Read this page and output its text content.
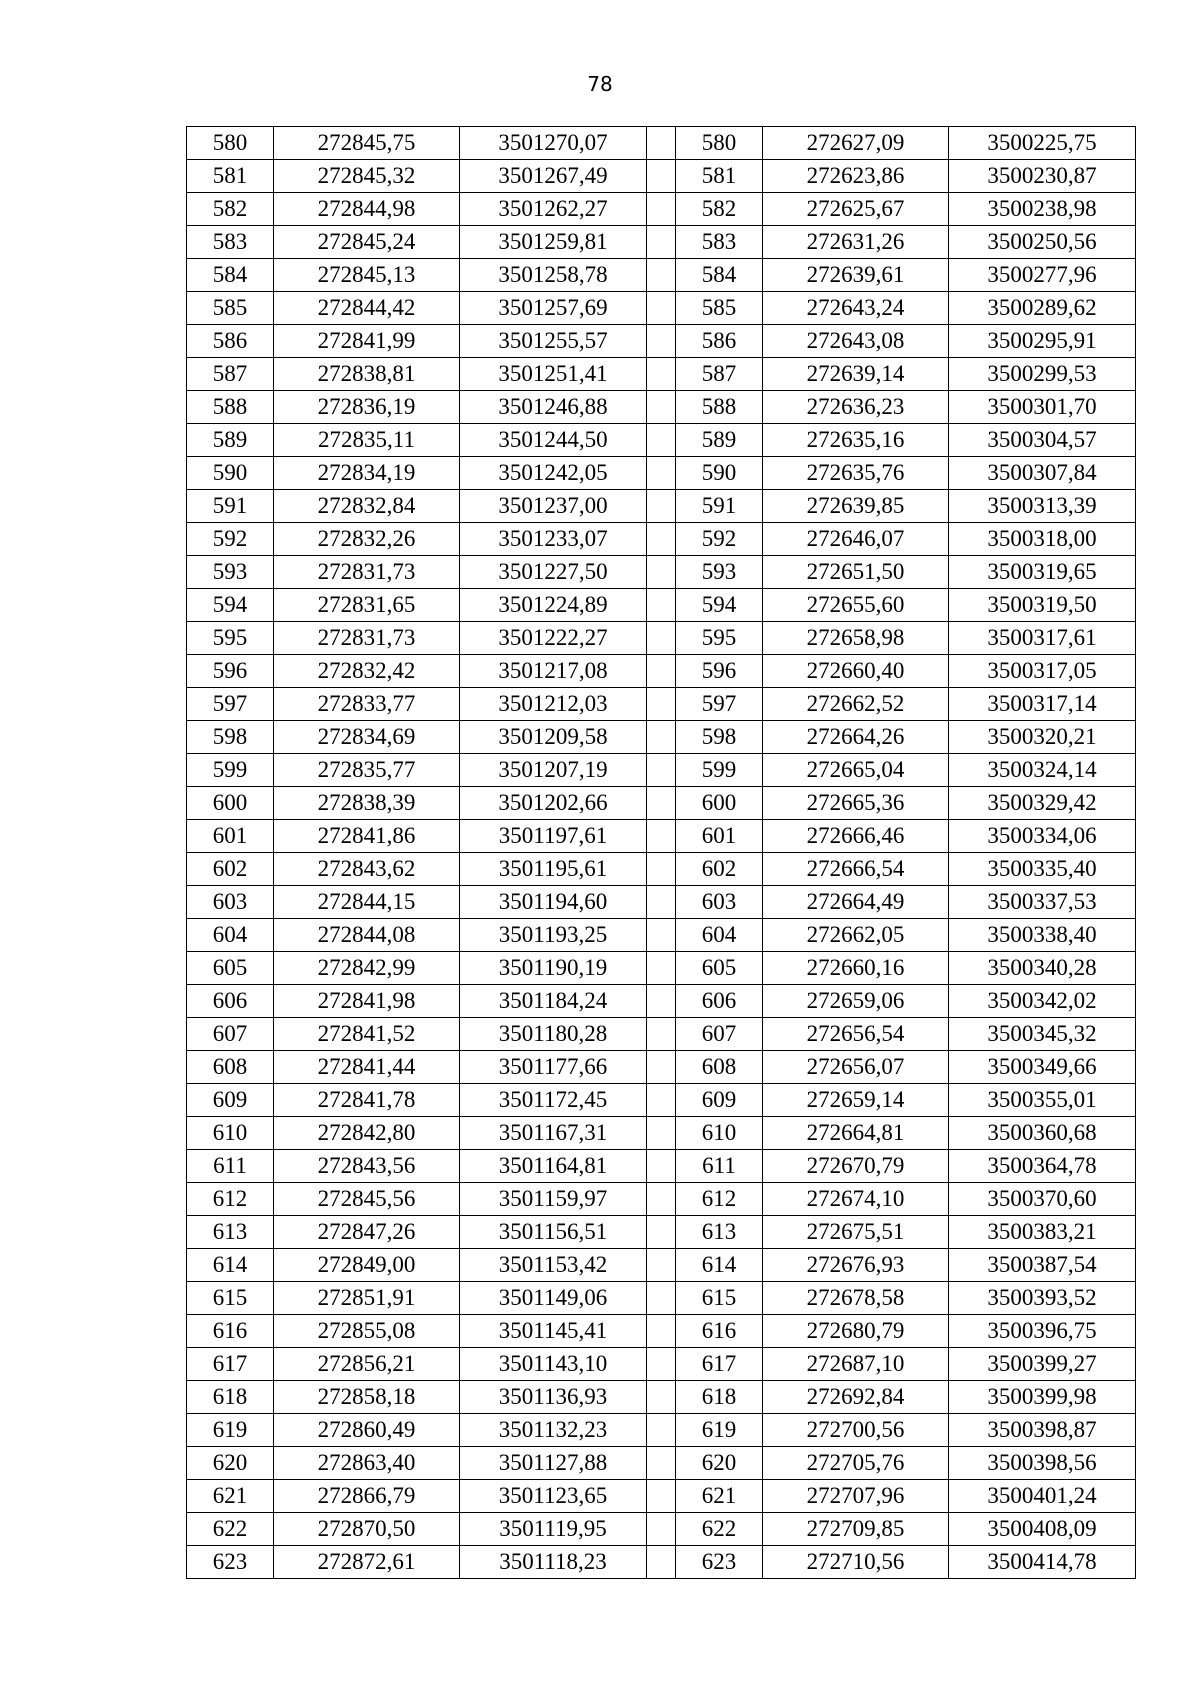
78
580	272845,75	3501270,07		580	272627,09	3500225,75
581	272845,32	3501267,49		581	272623,86	3500230,87
582	272844,98	3501262,27		582	272625,67	3500238,98
583	272845,24	3501259,81		583	272631,26	3500250,56
584	272845,13	3501258,78		584	272639,61	3500277,96
585	272844,42	3501257,69		585	272643,24	3500289,62
586	272841,99	3501255,57		586	272643,08	3500295,91
587	272838,81	3501251,41		587	272639,14	3500299,53
588	272836,19	3501246,88		588	272636,23	3500301,70
589	272835,11	3501244,50		589	272635,16	3500304,57
590	272834,19	3501242,05		590	272635,76	3500307,84
591	272832,84	3501237,00		591	272639,85	3500313,39
592	272832,26	3501233,07		592	272646,07	3500318,00
593	272831,73	3501227,50		593	272651,50	3500319,65
594	272831,65	3501224,89		594	272655,60	3500319,50
595	272831,73	3501222,27		595	272658,98	3500317,61
596	272832,42	3501217,08		596	272660,40	3500317,05
597	272833,77	3501212,03		597	272662,52	3500317,14
598	272834,69	3501209,58		598	272664,26	3500320,21
599	272835,77	3501207,19		599	272665,04	3500324,14
600	272838,39	3501202,66		600	272665,36	3500329,42
601	272841,86	3501197,61		601	272666,46	3500334,06
602	272843,62	3501195,61		602	272666,54	3500335,40
603	272844,15	3501194,60		603	272664,49	3500337,53
604	272844,08	3501193,25		604	272662,05	3500338,40
605	272842,99	3501190,19		605	272660,16	3500340,28
606	272841,98	3501184,24		606	272659,06	3500342,02
607	272841,52	3501180,28		607	272656,54	3500345,32
608	272841,44	3501177,66		608	272656,07	3500349,66
609	272841,78	3501172,45		609	272659,14	3500355,01
610	272842,80	3501167,31		610	272664,81	3500360,68
611	272843,56	3501164,81		611	272670,79	3500364,78
612	272845,56	3501159,97		612	272674,10	3500370,60
613	272847,26	3501156,51		613	272675,51	3500383,21
614	272849,00	3501153,42		614	272676,93	3500387,54
615	272851,91	3501149,06		615	272678,58	3500393,52
616	272855,08	3501145,41		616	272680,79	3500396,75
617	272856,21	3501143,10		617	272687,10	3500399,27
618	272858,18	3501136,93		618	272692,84	3500399,98
619	272860,49	3501132,23		619	272700,56	3500398,87
620	272863,40	3501127,88		620	272705,76	3500398,56
621	272866,79	3501123,65		621	272707,96	3500401,24
622	272870,50	3501119,95		622	272709,85	3500408,09
623	272872,61	3501118,23		623	272710,56	3500414,78
